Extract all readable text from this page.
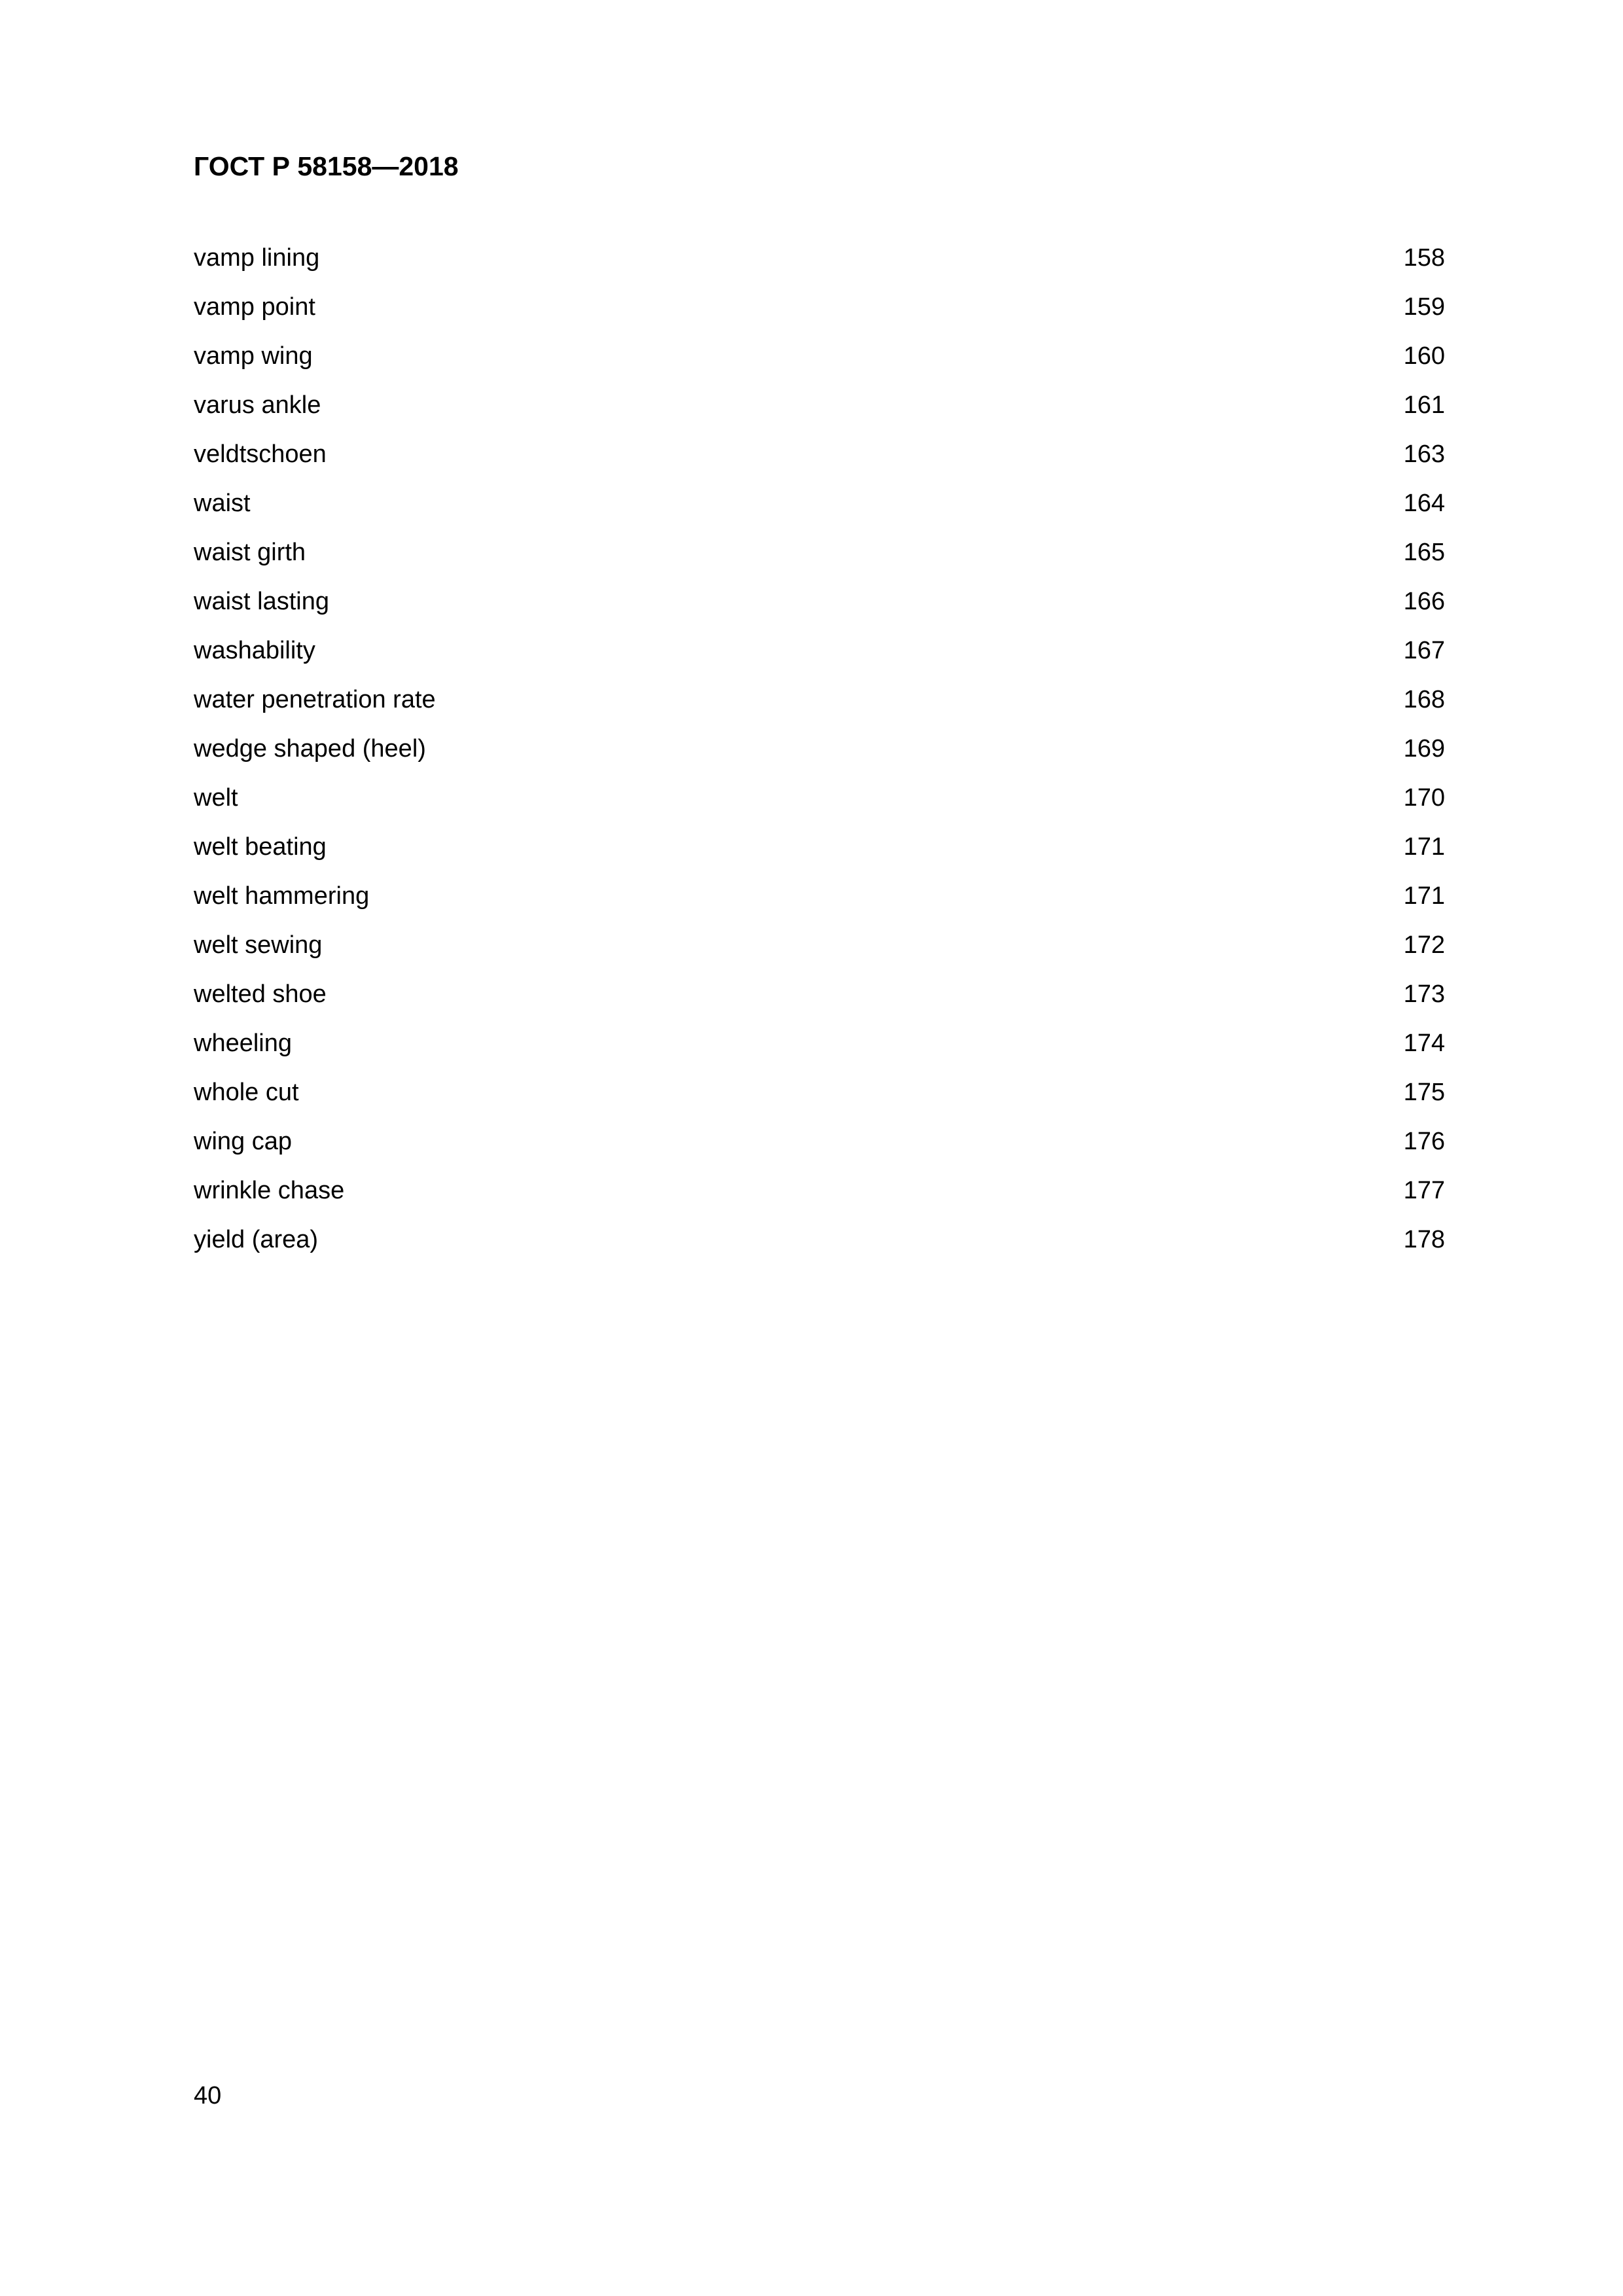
ГОСТ Р 58158—2018
vamp lining	158
vamp point	159
vamp wing	160
varus ankle	161
veldtschoen	163
waist	164
waist girth	165
waist lasting	166
washability	167
water penetration rate	168
wedge shaped (heel)	169
welt	170
welt beating	171
welt hammering	171
welt sewing	172
welted shoe	173
wheeling	174
whole cut	175
wing cap	176
wrinkle chase	177
yield (area)	178
40
